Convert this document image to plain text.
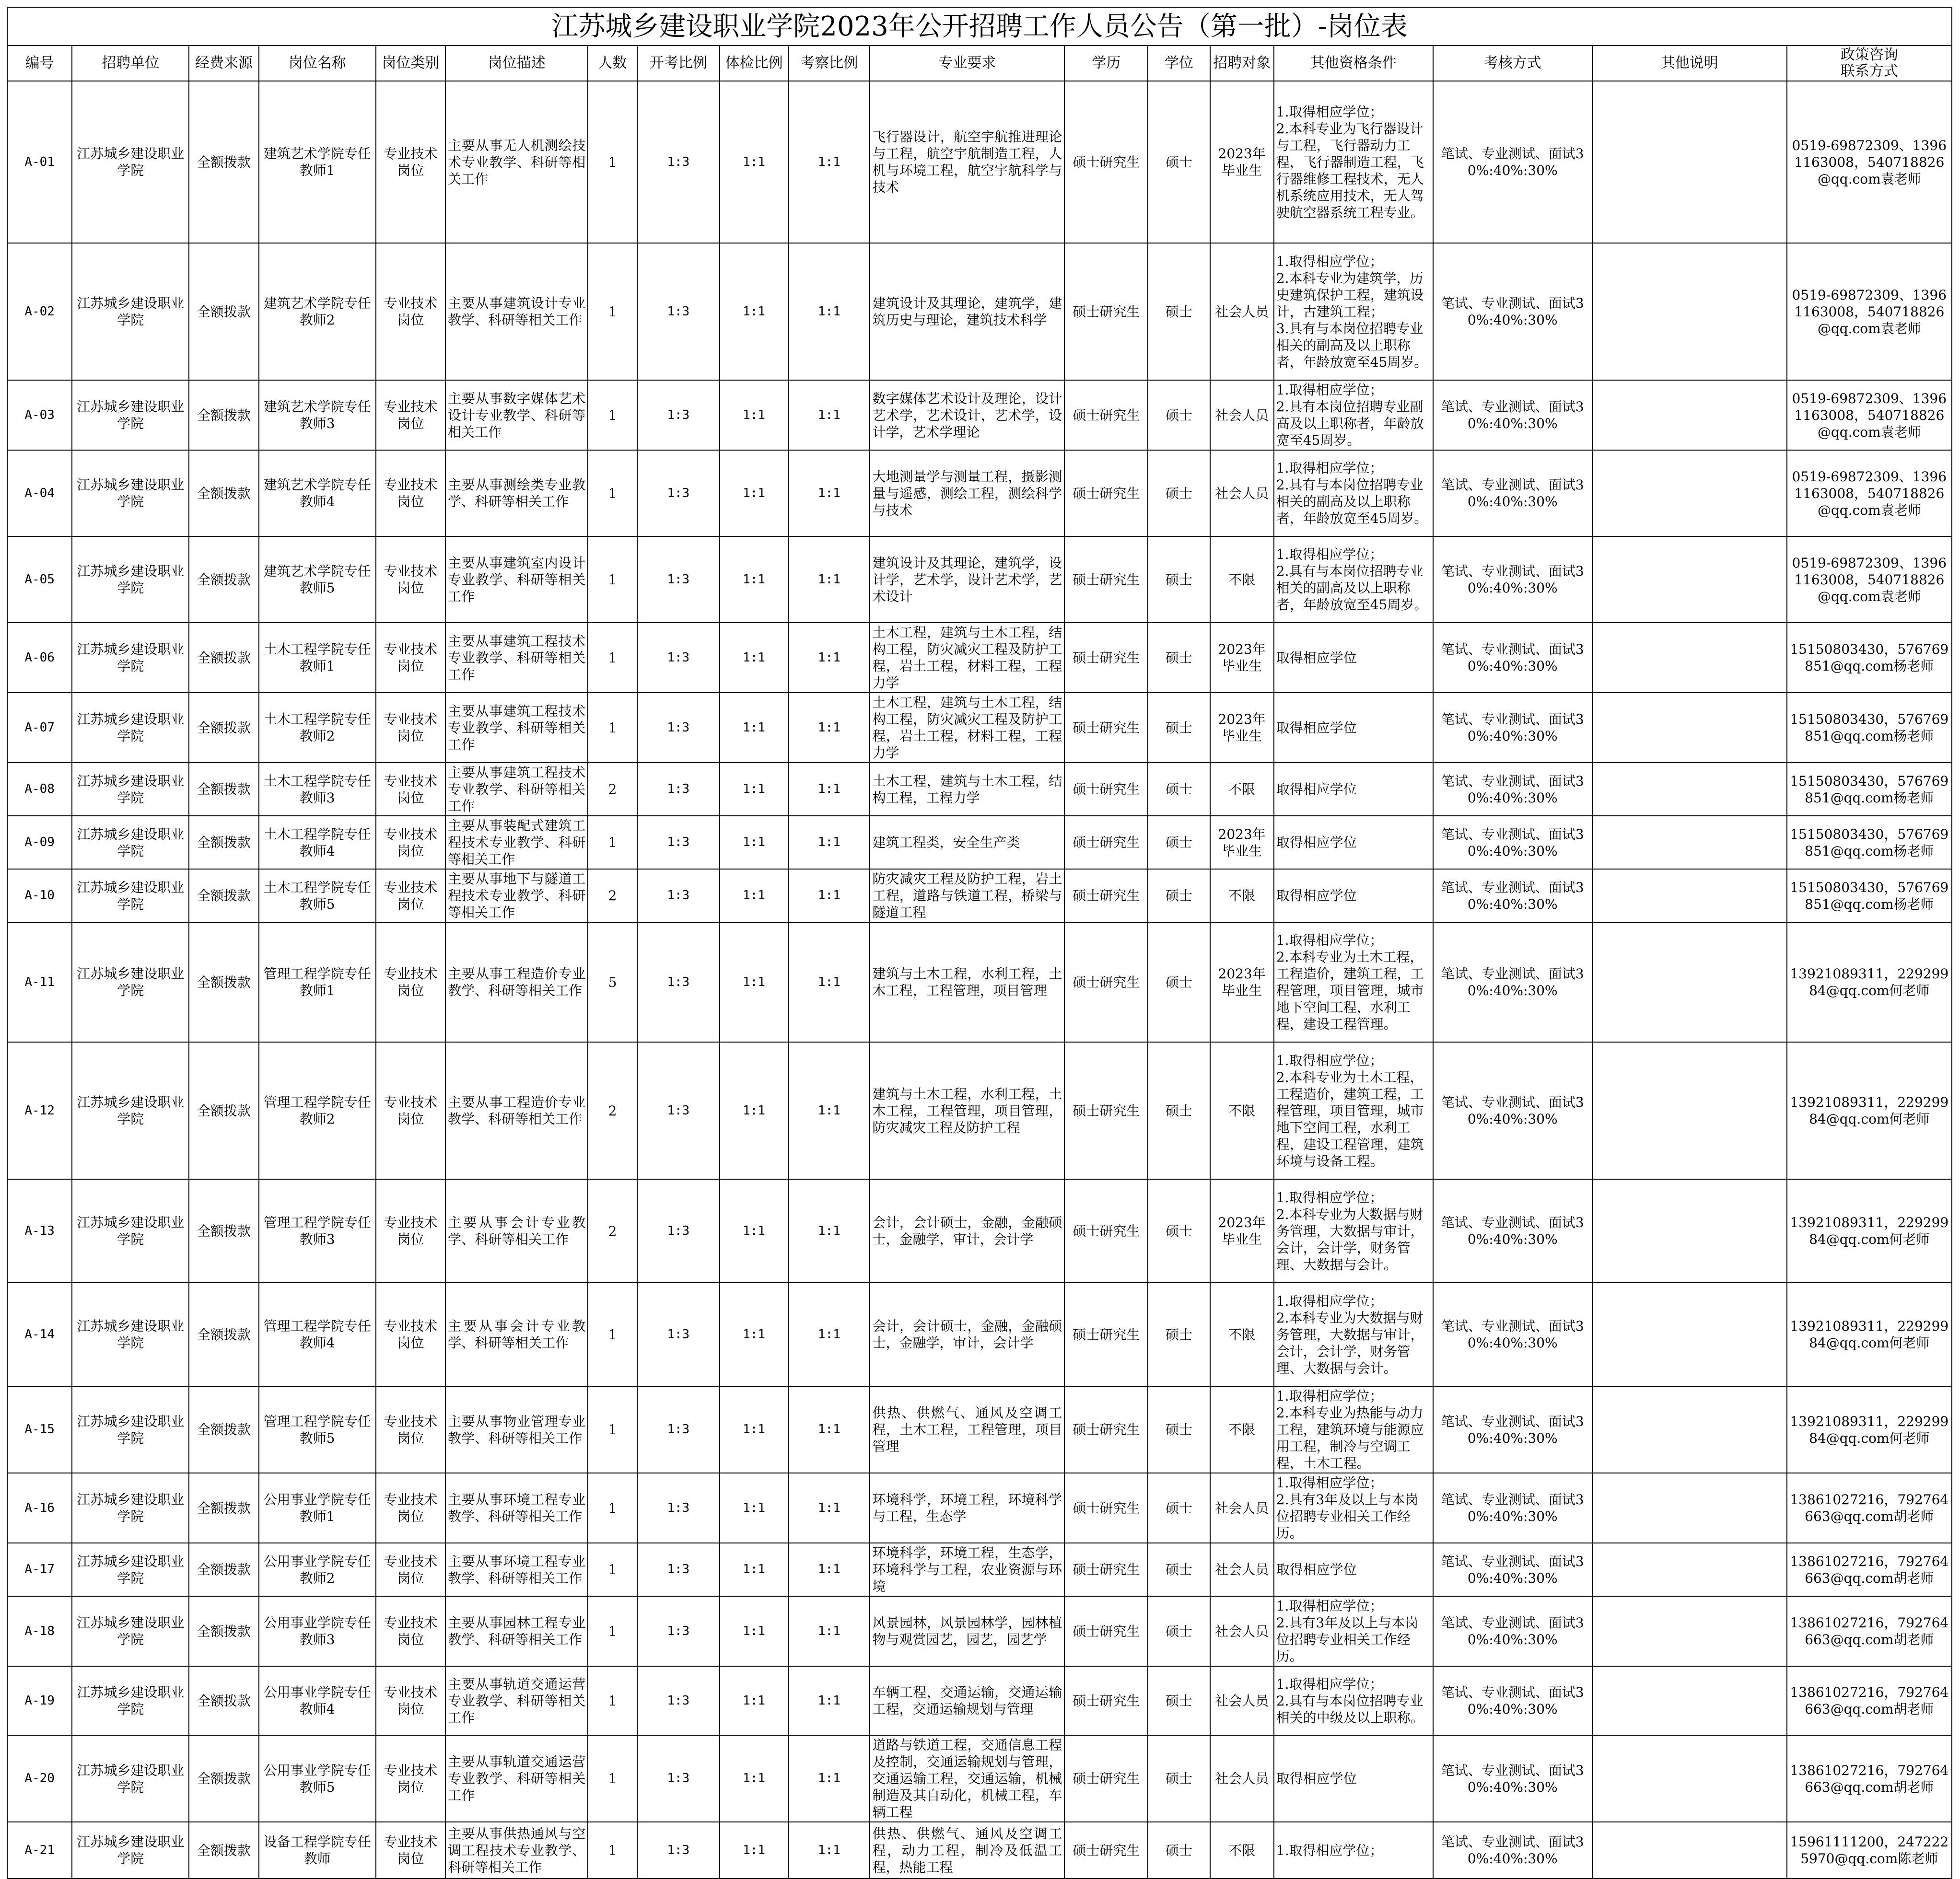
江苏城乡建设职业学院2023年公开招聘工作人员公告（第一批）-岗位表
编号	招聘单位	经费来源	岗位名称	岗位类别	岗位描述	人数	开考比例	体检比例	考察比例	专业要求	学历	学位	招聘对象	其他资格条件	考核方式	其他说明	政策咨询
联系方式
A-01	江苏城乡建设职业学院	全额拨款	建筑艺术学院专任教师1	专业技术岗位	主要从事无人机测绘技术专业教学、科研等相关工作	1	1:3	1:1	1:1	飞行器设计，航空宇航推进理论与工程，航空宇航制造工程，人机与环境工程，航空宇航科学与技术	硕士研究生	硕士	2023年毕业生	1.取得相应学位；
2.本科专业为飞行器设计与工程，飞行器动力工程，飞行器制造工程，飞行器维修工程技术，无人机系统应用技术，无人驾驶航空器系统工程专业。	笔试、专业测试、面试30%:40%:30%		0519-69872309、13961163008，540718826@qq.com袁老师
A-02	江苏城乡建设职业学院	全额拨款	建筑艺术学院专任教师2	专业技术岗位	主要从事建筑设计专业教学、科研等相关工作	1	1:3	1:1	1:1	建筑设计及其理论，建筑学，建筑历史与理论，建筑技术科学	硕士研究生	硕士	社会人员	1.取得相应学位；
2.本科专业为建筑学，历史建筑保护工程，建筑设计，古建筑工程；
3.具有与本岗位招聘专业相关的副高及以上职称者，年龄放宽至45周岁。	笔试、专业测试、面试30%:40%:30%		0519-69872309、13961163008，540718826@qq.com袁老师
A-03	江苏城乡建设职业学院	全额拨款	建筑艺术学院专任教师3	专业技术岗位	主要从事数字媒体艺术设计专业教学、科研等相关工作	1	1:3	1:1	1:1	数字媒体艺术设计及理论，设计艺术学，艺术设计，艺术学，设计学，艺术学理论	硕士研究生	硕士	社会人员	1.取得相应学位；
2.具有本岗位招聘专业副高及以上职称者，年龄放宽至45周岁。	笔试、专业测试、面试30%:40%:30%		0519-69872309、13961163008，540718826@qq.com袁老师
A-04	江苏城乡建设职业学院	全额拨款	建筑艺术学院专任教师4	专业技术岗位	主要从事测绘类专业教学、科研等相关工作	1	1:3	1:1	1:1	大地测量学与测量工程，摄影测量与遥感，测绘工程，测绘科学与技术	硕士研究生	硕士	社会人员	1.取得相应学位；
2.具有与本岗位招聘专业相关的副高及以上职称者，年龄放宽至45周岁。	笔试、专业测试、面试30%:40%:30%		0519-69872309、13961163008，540718826@qq.com袁老师
A-05	江苏城乡建设职业学院	全额拨款	建筑艺术学院专任教师5	专业技术岗位	主要从事建筑室内设计专业教学、科研等相关工作	1	1:3	1:1	1:1	建筑设计及其理论，建筑学，设计学，艺术学，设计艺术学，艺术设计	硕士研究生	硕士	不限	1.取得相应学位；
2.具有与本岗位招聘专业相关的副高及以上职称者，年龄放宽至45周岁。	笔试、专业测试、面试30%:40%:30%		0519-69872309、13961163008，540718826@qq.com袁老师
A-06	江苏城乡建设职业学院	全额拨款	土木工程学院专任教师1	专业技术岗位	主要从事建筑工程技术专业教学、科研等相关工作	1	1:3	1:1	1:1	土木工程，建筑与土木工程，结构工程，防灾减灾工程及防护工程，岩土工程，材料工程，工程力学	硕士研究生	硕士	2023年毕业生	取得相应学位	笔试、专业测试、面试30%:40%:30%		15150803430，576769851@qq.com杨老师
A-07	江苏城乡建设职业学院	全额拨款	土木工程学院专任教师2	专业技术岗位	主要从事建筑工程技术专业教学、科研等相关工作	1	1:3	1:1	1:1	土木工程，建筑与土木工程，结构工程，防灾减灾工程及防护工程，岩土工程，材料工程，工程力学	硕士研究生	硕士	2023年毕业生	取得相应学位	笔试、专业测试、面试30%:40%:30%		15150803430，576769851@qq.com杨老师
A-08	江苏城乡建设职业学院	全额拨款	土木工程学院专任教师3	专业技术岗位	主要从事建筑工程技术专业教学、科研等相关工作	2	1:3	1:1	1:1	土木工程，建筑与土木工程，结构工程，工程力学	硕士研究生	硕士	不限	取得相应学位	笔试、专业测试、面试30%:40%:30%		15150803430，576769851@qq.com杨老师
A-09	江苏城乡建设职业学院	全额拨款	土木工程学院专任教师4	专业技术岗位	主要从事装配式建筑工程技术专业教学、科研等相关工作	1	1:3	1:1	1:1	建筑工程类，安全生产类	硕士研究生	硕士	2023年毕业生	取得相应学位	笔试、专业测试、面试30%:40%:30%		15150803430，576769851@qq.com杨老师
A-10	江苏城乡建设职业学院	全额拨款	土木工程学院专任教师5	专业技术岗位	主要从事地下与隧道工程技术专业教学、科研等相关工作	2	1:3	1:1	1:1	防灾减灾工程及防护工程，岩土工程，道路与铁道工程，桥梁与隧道工程	硕士研究生	硕士	不限	取得相应学位	笔试、专业测试、面试30%:40%:30%		15150803430，576769851@qq.com杨老师
A-11	江苏城乡建设职业学院	全额拨款	管理工程学院专任教师1	专业技术岗位	主要从事工程造价专业教学、科研等相关工作	5	1:3	1:1	1:1	建筑与土木工程，水利工程，土木工程，工程管理，项目管理	硕士研究生	硕士	2023年毕业生	1.取得相应学位；
2.本科专业为土木工程，工程造价，建筑工程，工程管理，项目管理，城市地下空间工程，水利工程，建设工程管理。	笔试、专业测试、面试30%:40%:30%		13921089311，22929984@qq.com何老师
A-12	江苏城乡建设职业学院	全额拨款	管理工程学院专任教师2	专业技术岗位	主要从事工程造价专业教学、科研等相关工作	2	1:3	1:1	1:1	建筑与土木工程，水利工程，土木工程，工程管理，项目管理，防灾减灾工程及防护工程	硕士研究生	硕士	不限	1.取得相应学位；
2.本科专业为土木工程，工程造价，建筑工程，工程管理，项目管理，城市地下空间工程，水利工程，建设工程管理，建筑环境与设备工程。	笔试、专业测试、面试30%:40%:30%		13921089311，22929984@qq.com何老师
A-13	江苏城乡建设职业学院	全额拨款	管理工程学院专任教师3	专业技术岗位	主要从事会计专业教学、科研等相关工作	2	1:3	1:1	1:1	会计，会计硕士，金融，金融硕士，金融学，审计，会计学	硕士研究生	硕士	2023年毕业生	1.取得相应学位；
2.本科专业为大数据与财务管理，大数据与审计，会计，会计学，财务管理、大数据与会计。	笔试、专业测试、面试30%:40%:30%		13921089311，22929984@qq.com何老师
A-14	江苏城乡建设职业学院	全额拨款	管理工程学院专任教师4	专业技术岗位	主要从事会计专业教学、科研等相关工作	1	1:3	1:1	1:1	会计，会计硕士，金融，金融硕士，金融学，审计，会计学	硕士研究生	硕士	不限	1.取得相应学位；
2.本科专业为大数据与财务管理，大数据与审计，会计，会计学，财务管理、大数据与会计。	笔试、专业测试、面试30%:40%:30%		13921089311，22929984@qq.com何老师
A-15	江苏城乡建设职业学院	全额拨款	管理工程学院专任教师5	专业技术岗位	主要从事物业管理专业教学、科研等相关工作	1	1:3	1:1	1:1	供热、供燃气、通风及空调工程，土木工程，工程管理，项目管理	硕士研究生	硕士	不限	1.取得相应学位；
2.本科专业为热能与动力工程，建筑环境与能源应用工程，制冷与空调工程，土木工程。	笔试、专业测试、面试30%:40%:30%		13921089311，22929984@qq.com何老师
A-16	江苏城乡建设职业学院	全额拨款	公用事业学院专任教师1	专业技术岗位	主要从事环境工程专业教学、科研等相关工作	1	1:3	1:1	1:1	环境科学，环境工程，环境科学与工程，生态学	硕士研究生	硕士	社会人员	1.取得相应学位；
2.具有3年及以上与本岗位招聘专业相关工作经历。	笔试、专业测试、面试30%:40%:30%		13861027216，792764663@qq.com胡老师
A-17	江苏城乡建设职业学院	全额拨款	公用事业学院专任教师2	专业技术岗位	主要从事环境工程专业教学、科研等相关工作	1	1:3	1:1	1:1	环境科学，环境工程，生态学，环境科学与工程，农业资源与环境	硕士研究生	硕士	社会人员	取得相应学位	笔试、专业测试、面试30%:40%:30%		13861027216，792764663@qq.com胡老师
A-18	江苏城乡建设职业学院	全额拨款	公用事业学院专任教师3	专业技术岗位	主要从事园林工程专业教学、科研等相关工作	1	1:3	1:1	1:1	风景园林，风景园林学，园林植物与观赏园艺，园艺，园艺学	硕士研究生	硕士	社会人员	1.取得相应学位；
2.具有3年及以上与本岗位招聘专业相关工作经历。	笔试、专业测试、面试30%:40%:30%		13861027216，792764663@qq.com胡老师
A-19	江苏城乡建设职业学院	全额拨款	公用事业学院专任教师4	专业技术岗位	主要从事轨道交通运营专业教学、科研等相关工作	1	1:3	1:1	1:1	车辆工程，交通运输，交通运输工程，交通运输规划与管理	硕士研究生	硕士	社会人员	1.取得相应学位；
2.具有与本岗位招聘专业相关的中级及以上职称。	笔试、专业测试、面试30%:40%:30%		13861027216，792764663@qq.com胡老师
A-20	江苏城乡建设职业学院	全额拨款	公用事业学院专任教师5	专业技术岗位	主要从事轨道交通运营专业教学、科研等相关工作	1	1:3	1:1	1:1	道路与铁道工程，交通信息工程及控制，交通运输规划与管理，交通运输工程，交通运输，机械制造及其自动化，机械工程，车辆工程	硕士研究生	硕士	社会人员	取得相应学位	笔试、专业测试、面试30%:40%:30%		13861027216，792764663@qq.com胡老师
A-21	江苏城乡建设职业学院	全额拨款	设备工程学院专任教师	专业技术岗位	主要从事供热通风与空调工程技术专业教学、科研等相关工作	1	1:3	1:1	1:1	供热、供燃气、通风及空调工程，动力工程，制冷及低温工程，热能工程	硕士研究生	硕士	不限	1.取得相应学位；	笔试、专业测试、面试30%:40%:30%		15961111200，2472225970@qq.com陈老师
